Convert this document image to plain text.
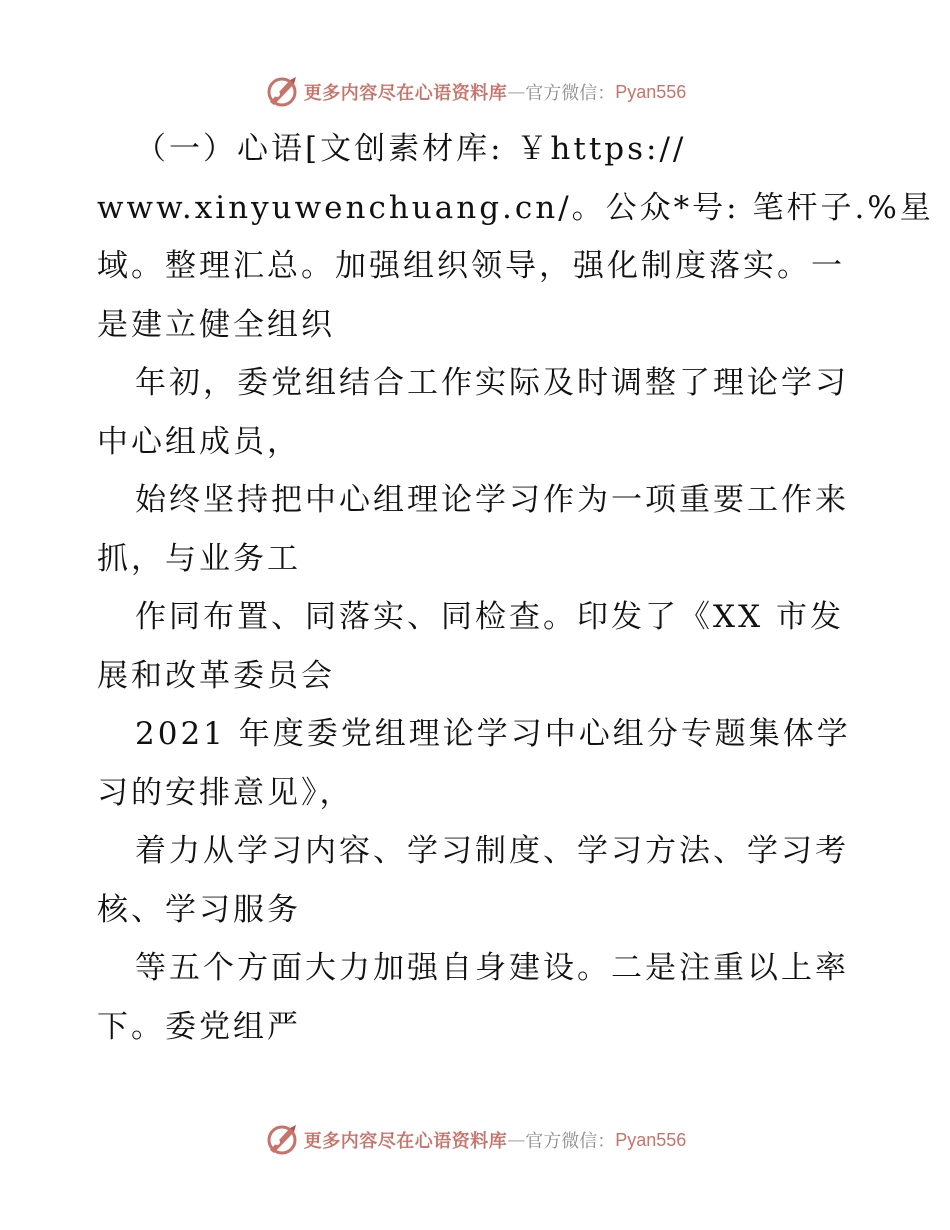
更多内容尽在心语资料库 — 官方微信： Pyan556
（一）心语[文创素材库: ￥https://
www.xinyuwenchuang.cn/。公众*号: 笔杆子.%星
域。整理汇总。加强组织领导，强化制度落实。一
是建立健全组织
年初，委党组结合工作实际及时调整了理论学习
中心组成员，
始终坚持把中心组理论学习作为一项重要工作来
抓，与业务工
作同布置、同落实、同检查。印发了《XX 市发
展和改革委员会
2021 年度委党组理论学习中心组分专题集体学
习的安排意见》，
着力从学习内容、学习制度、学习方法、学习考
核、学习服务
等五个方面大力加强自身建设。二是注重以上率
下。委党组严
更多内容尽在心语资料库 — 官方微信： Pyan556
